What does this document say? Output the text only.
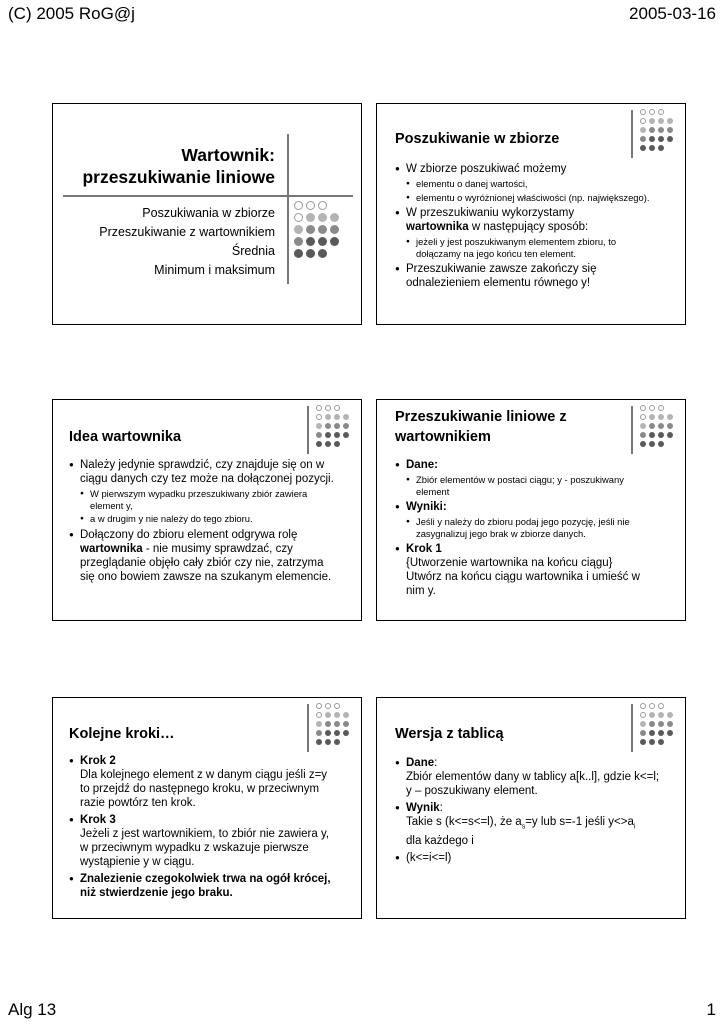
(C) 2005 RoG@j	2005-03-16
Wartownik:
przeszukiwanie liniowe
Poszukiwania w zbiorze
Przeszukiwanie z wartownikiem
Średnia
Minimum i maksimum
Poszukiwanie w zbiorze
● W zbiorze poszukiwać możemy
● elementu o danej wartości,
● elementu o wyróżnionej właściwości (np. największego).
● W przeszukiwaniu wykorzystamy
wartownika w następujący sposób:
● jeżeli y jest poszukiwanym elementem zbioru, to dołączamy na jego końcu ten element.
● Przeszukiwanie zawsze zakończy się odnalezieniem elementu równego y!
Idea wartownika
● Należy jedynie sprawdzić, czy znajduje się on w ciągu danych czy tez może na dołączonej pozycji.
● W pierwszym wypadku przeszukiwany zbiór zawiera element y,
● a w drugim y nie należy do tego zbioru.
● Dołączony do zbioru element odgrywa rolę
wartownika - nie musimy sprawdzać, czy przeglądanie objęło cały zbiór czy nie, zatrzyma się ono bowiem zawsze na szukanym elemencie.
Przeszukiwanie liniowe z
wartownikiem
● Dane:
● Zbiór elementów w postaci ciągu; y - poszukiwany element
● Wyniki:
● Jeśli y należy do zbioru podaj jego pozycję, jeśli nie zasygnalizuj jego brak w zbiorze danych.
● Krok 1
{Utworzenie wartownika na końcu ciągu}
Utwórz na końcu ciągu wartownika i umieść w nim y.
Kolejne kroki…
● Krok 2
Dla kolejnego element z w danym ciągu jeśli z=y to przejdź do następnego kroku, w przeciwnym razie powtórz ten krok.
● Krok 3
Jeżeli z jest wartownikiem, to zbiór nie zawiera y, w przeciwnym wypadku z wskazuje pierwsze wystąpienie y w ciągu.
● Znalezienie czegokolwiek trwa na ogół krócej, niż stwierdzenie jego braku.
Wersja z tablicą
● Dane:
Zbiór elementów dany w tablicy a[k..l], gdzie k<=l; y – poszukiwany element.
● Wynik:
Takie s (k<=s<=l), że $a_s=y$ lub s=-1 jeśli $y<>a_i$
dla każdego i
● (k<=i<=l)
Alg 13	1
